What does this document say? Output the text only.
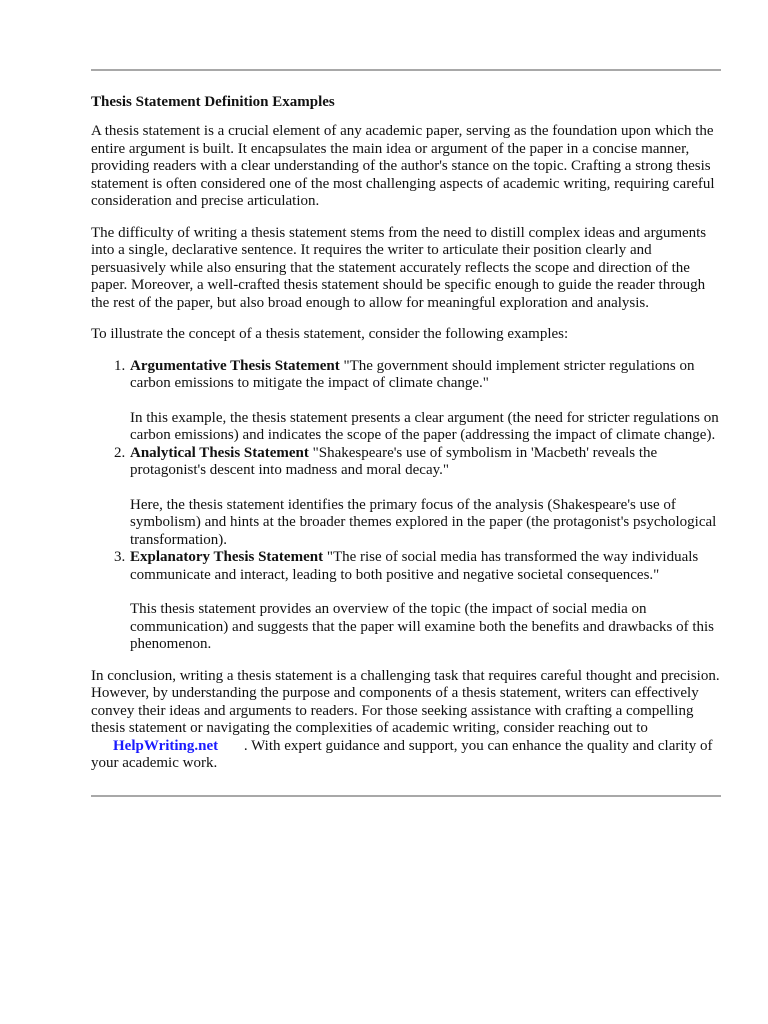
Thesis Statement Definition Examples

A thesis statement is a crucial element of any academic paper, serving as the foundation upon which the entire argument is built. It encapsulates the main idea or argument of the paper in a concise manner, providing readers with a clear understanding of the author's stance on the topic. Crafting a strong thesis statement is often considered one of the most challenging aspects of academic writing, requiring careful consideration and precise articulation.

The difficulty of writing a thesis statement stems from the need to distill complex ideas and arguments into a single, declarative sentence. It requires the writer to articulate their position clearly and persuasively while also ensuring that the statement accurately reflects the scope and direction of the paper. Moreover, a well-crafted thesis statement should be specific enough to guide the reader through the rest of the paper, but also broad enough to allow for meaningful exploration and analysis.

To illustrate the concept of a thesis statement, consider the following examples:

1. Argumentative Thesis Statement "The government should implement stricter regulations on carbon emissions to mitigate the impact of climate change."
In this example, the thesis statement presents a clear argument (the need for stricter regulations on carbon emissions) and indicates the scope of the paper (addressing the impact of climate change).
2. Analytical Thesis Statement "Shakespeare's use of symbolism in 'Macbeth' reveals the protagonist's descent into madness and moral decay."
Here, the thesis statement identifies the primary focus of the analysis (Shakespeare's use of symbolism) and hints at the broader themes explored in the paper (the protagonist's psychological transformation).
3. Explanatory Thesis Statement "The rise of social media has transformed the way individuals communicate and interact, leading to both positive and negative societal consequences."
This thesis statement provides an overview of the topic (the impact of social media on communication) and suggests that the paper will examine both the benefits and drawbacks of this phenomenon.

In conclusion, writing a thesis statement is a challenging task that requires careful thought and precision. However, by understanding the purpose and components of a thesis statement, writers can effectively convey their ideas and arguments to readers. For those seeking assistance with crafting a compelling thesis statement or navigating the complexities of academic writing, consider reaching out to HelpWriting.net . With expert guidance and support, you can enhance the quality and clarity of your academic work.
